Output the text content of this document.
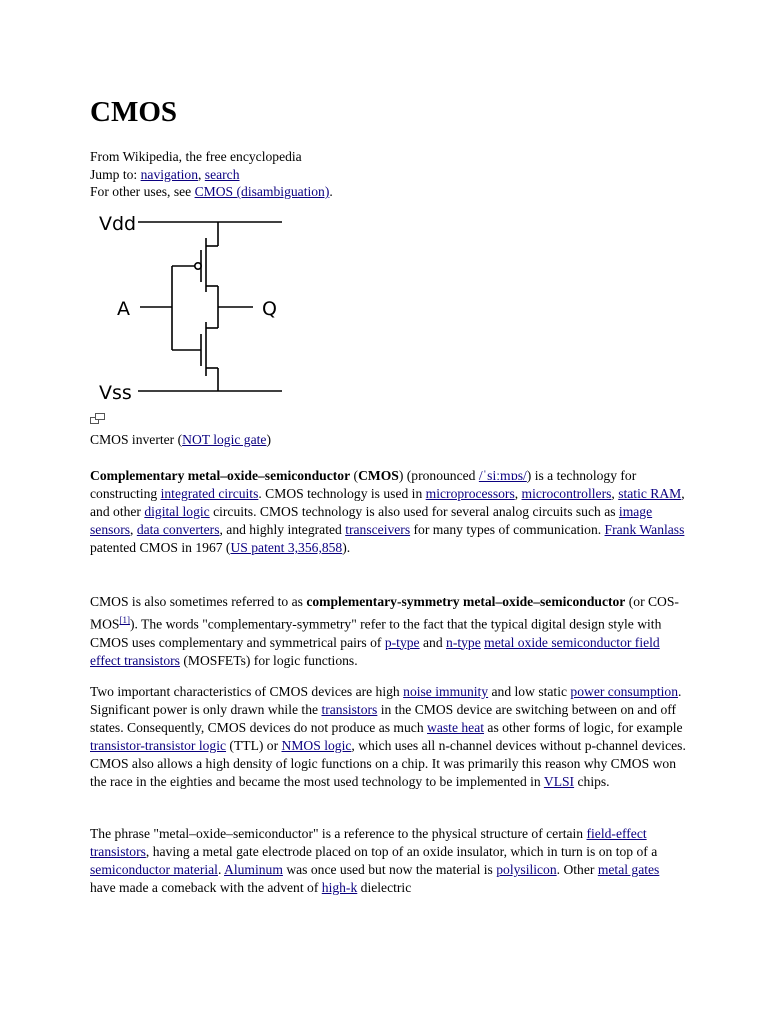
CMOS
From Wikipedia, the free encyclopedia
Jump to: navigation, search
For other uses, see CMOS (disambiguation).
Vdd
A	Q
Vss
CMOS inverter (NOT logic gate)

Complementary metal–oxide–semiconductor (CMOS) (pronounced /ˈsiːmɒs/) is a technology for constructing integrated circuits. CMOS technology is used in microprocessors, microcontrollers, static RAM, and other digital logic circuits. CMOS technology is also used for several analog circuits such as image sensors, data converters, and highly integrated transceivers for many types of communication. Frank Wanlass patented CMOS in 1967 (US patent 3,356,858).

CMOS is also sometimes referred to as complementary-symmetry metal–oxide–semiconductor (or COS-MOS[1]). The words "complementary-symmetry" refer to the fact that the typical digital design style with CMOS uses complementary and symmetrical pairs of p-type and n-type metal oxide semiconductor field effect transistors (MOSFETs) for logic functions.

Two important characteristics of CMOS devices are high noise immunity and low static power consumption. Significant power is only drawn while the transistors in the CMOS device are switching between on and off states. Consequently, CMOS devices do not produce as much waste heat as other forms of logic, for example transistor-transistor logic (TTL) or NMOS logic, which uses all n-channel devices without p-channel devices. CMOS also allows a high density of logic functions on a chip. It was primarily this reason why CMOS won the race in the eighties and became the most used technology to be implemented in VLSI chips.

The phrase "metal–oxide–semiconductor" is a reference to the physical structure of certain field-effect transistors, having a metal gate electrode placed on top of an oxide insulator, which in turn is on top of a semiconductor material. Aluminum was once used but now the material is polysilicon. Other metal gates have made a comeback with the advent of high-k dielectric
